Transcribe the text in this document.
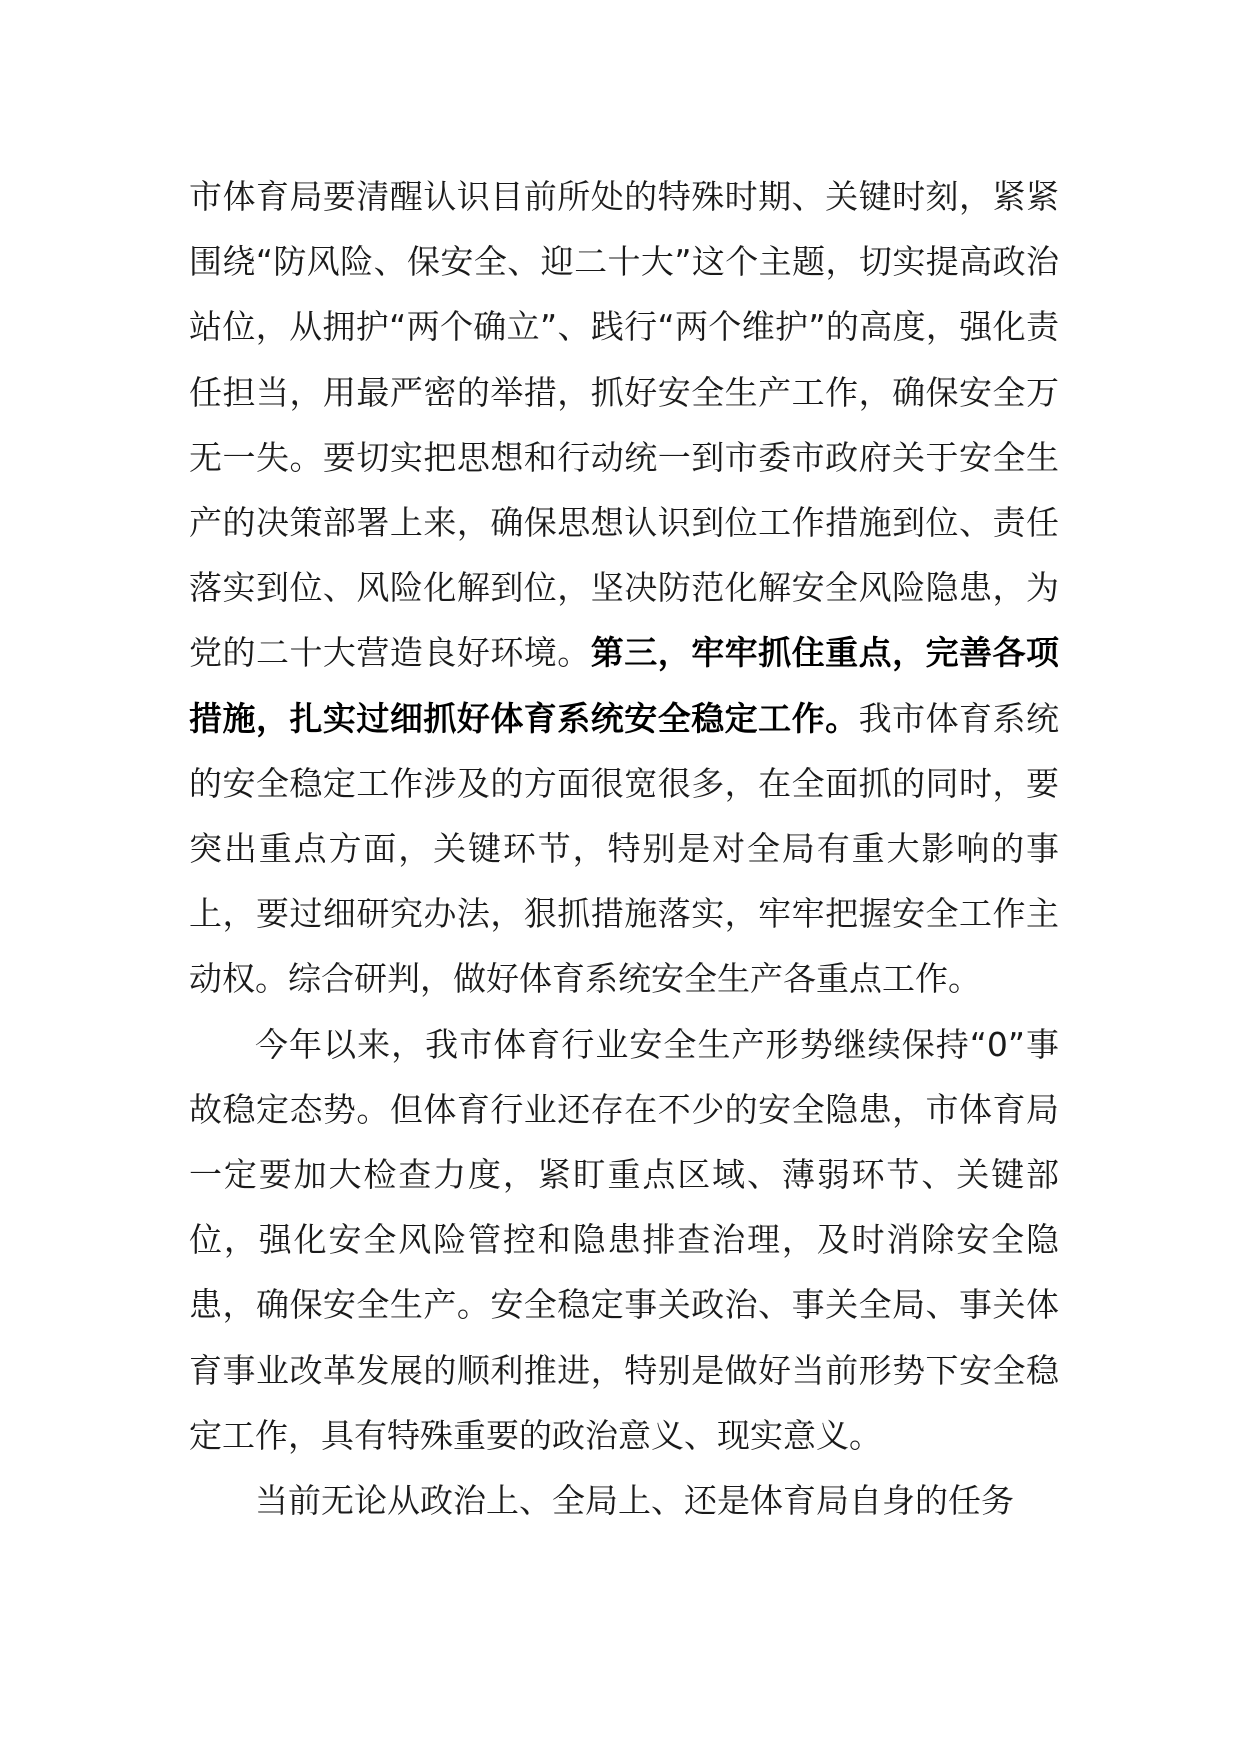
市体育局要清醒认识目前所处的特殊时期、关键时刻，紧紧围绕“防风险、保安全、迎二十大”这个主题，切实提高政治站位，从拥护“两个确立”、践行“两个维护”的高度，强化责任担当，用最严密的举措，抓好安全生产工作，确保安全万无一失。要切实把思想和行动统一到市委市政府关于安全生产的决策部署上来，确保思想认识到位工作措施到位、责任落实到位、风险化解到位，坚决防范化解安全风险隐患，为党的二十大营造良好环境。第三，牢牢抓住重点，完善各项措施，扎实过细抓好体育系统安全稳定工作。我市体育系统的安全稳定工作涉及的方面很宽很多，在全面抓的同时，要突出重点方面，关键环节，特别是对全局有重大影响的事上，要过细研究办法，狠抓措施落实，牢牢把握安全工作主动权。综合研判，做好体育系统安全生产各重点工作。

今年以来，我市体育行业安全生产形势继续保持“0”事故稳定态势。但体育行业还存在不少的安全隐患，市体育局一定要加大检查力度，紧盯重点区域、薄弱环节、关键部位，强化安全风险管控和隐患排查治理，及时消除安全隐患，确保安全生产。安全稳定事关政治、事关全局、事关体育事业改革发展的顺利推进，特别是做好当前形势下安全稳定工作，具有特殊重要的政治意义、现实意义。

当前无论从政治上、全局上、还是体育局自身的任务
